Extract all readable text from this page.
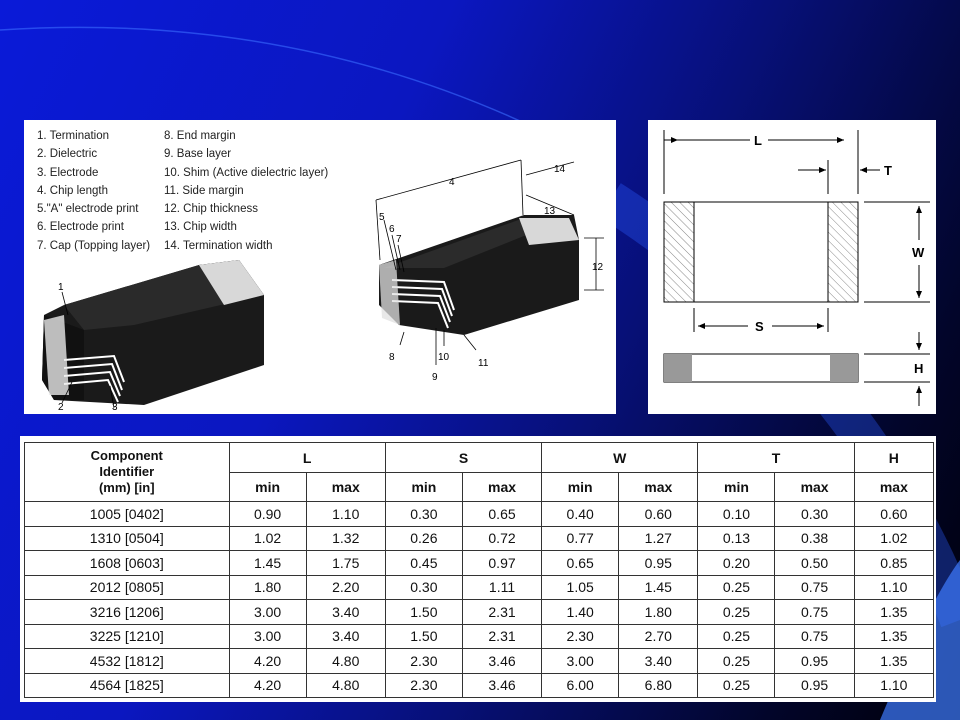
1. Termination
2. Dielectric
3. Electrode
4. Chip length
5."A" electrode print
6. Electrode print
7. Cap (Topping layer)
8. End margin
9. Base layer
10. Shim (Active dielectric layer)
11. Side margin
12. Chip thickness
13. Chip width
14. Termination width
1
2	3
4
5
6
7
8
9
10
11
12
13
14
L
T
W
S
H
Component
Identifier
(mm) [in]	L		S		W		T		H
	min	max	min	max	min	max	min	max	max
1005 [0402]	0.90	1.10	0.30	0.65	0.40	0.60	0.10	0.30	0.60
1310 [0504]	1.02	1.32	0.26	0.72	0.77	1.27	0.13	0.38	1.02
1608 [0603]	1.45	1.75	0.45	0.97	0.65	0.95	0.20	0.50	0.85
2012 [0805]	1.80	2.20	0.30	1.11	1.05	1.45	0.25	0.75	1.10
3216 [1206]	3.00	3.40	1.50	2.31	1.40	1.80	0.25	0.75	1.35
3225 [1210]	3.00	3.40	1.50	2.31	2.30	2.70	0.25	0.75	1.35
4532 [1812]	4.20	4.80	2.30	3.46	3.00	3.40	0.25	0.95	1.35
4564 [1825]	4.20	4.80	2.30	3.46	6.00	6.80	0.25	0.95	1.10
